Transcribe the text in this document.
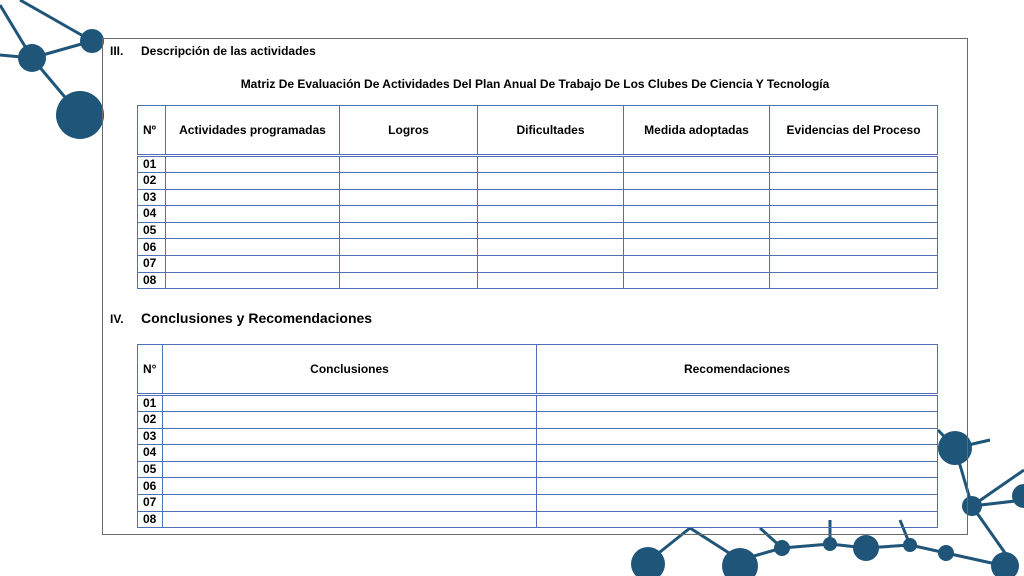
III. Descripción de las actividades
Matriz De Evaluación De Actividades Del Plan Anual De Trabajo De Los Clubes De Ciencia Y Tecnología
Nº	Actividades programadas	Logros	Dificultades	Medida adoptadas	Evidencias del Proceso
01					
02					
03					
04					
05					
06					
07					
08					
IV. Conclusiones y Recomendaciones
N°	Conclusiones	Recomendaciones
01		
02		
03		
04		
05		
06		
07		
08		
